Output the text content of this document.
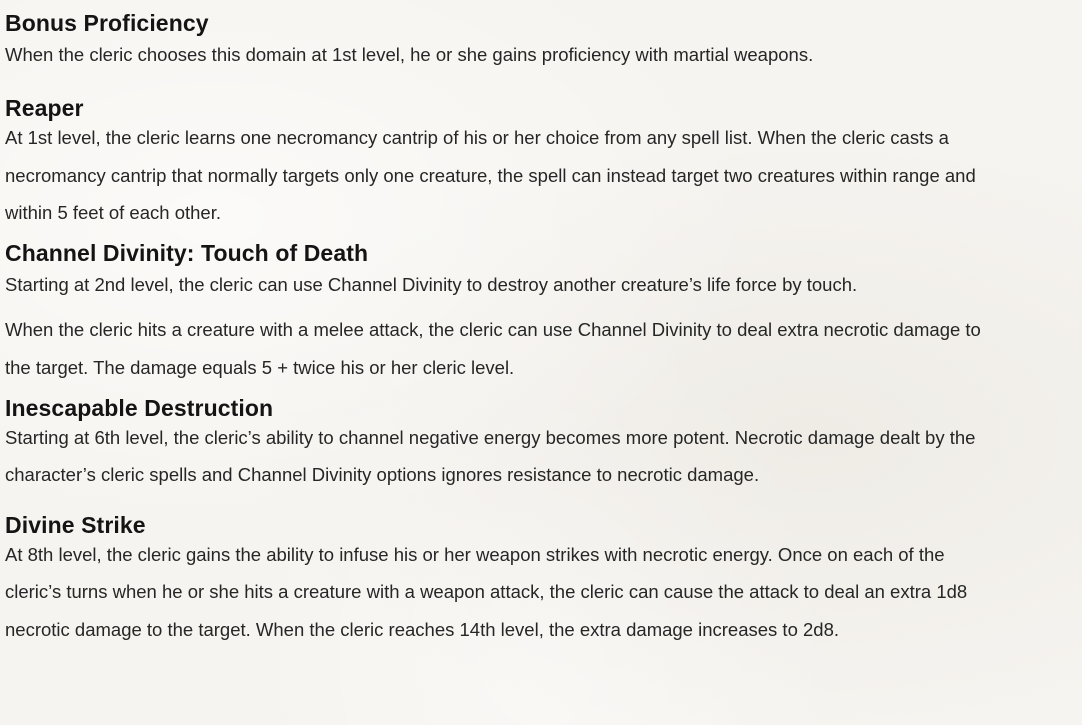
Bonus Proficiency

When the cleric chooses this domain at 1st level, he or she gains proficiency with martial weapons.

Reaper

At 1st level, the cleric learns one necromancy cantrip of his or her choice from any spell list. When the cleric casts a
necromancy cantrip that normally targets only one creature, the spell can instead target two creatures within range and
within 5 feet of each other.

Channel Divinity: Touch of Death

Starting at 2nd level, the cleric can use Channel Divinity to destroy another creature’s life force by touch.

When the cleric hits a creature with a melee attack, the cleric can use Channel Divinity to deal extra necrotic damage to
the target. The damage equals 5 + twice his or her cleric level.

Inescapable Destruction

Starting at 6th level, the cleric’s ability to channel negative energy becomes more potent. Necrotic damage dealt by the
character’s cleric spells and Channel Divinity options ignores resistance to necrotic damage.

Divine Strike

At 8th level, the cleric gains the ability to infuse his or her weapon strikes with necrotic energy. Once on each of the
cleric’s turns when he or she hits a creature with a weapon attack, the cleric can cause the attack to deal an extra 1d8
necrotic damage to the target. When the cleric reaches 14th level, the extra damage increases to 2d8.
